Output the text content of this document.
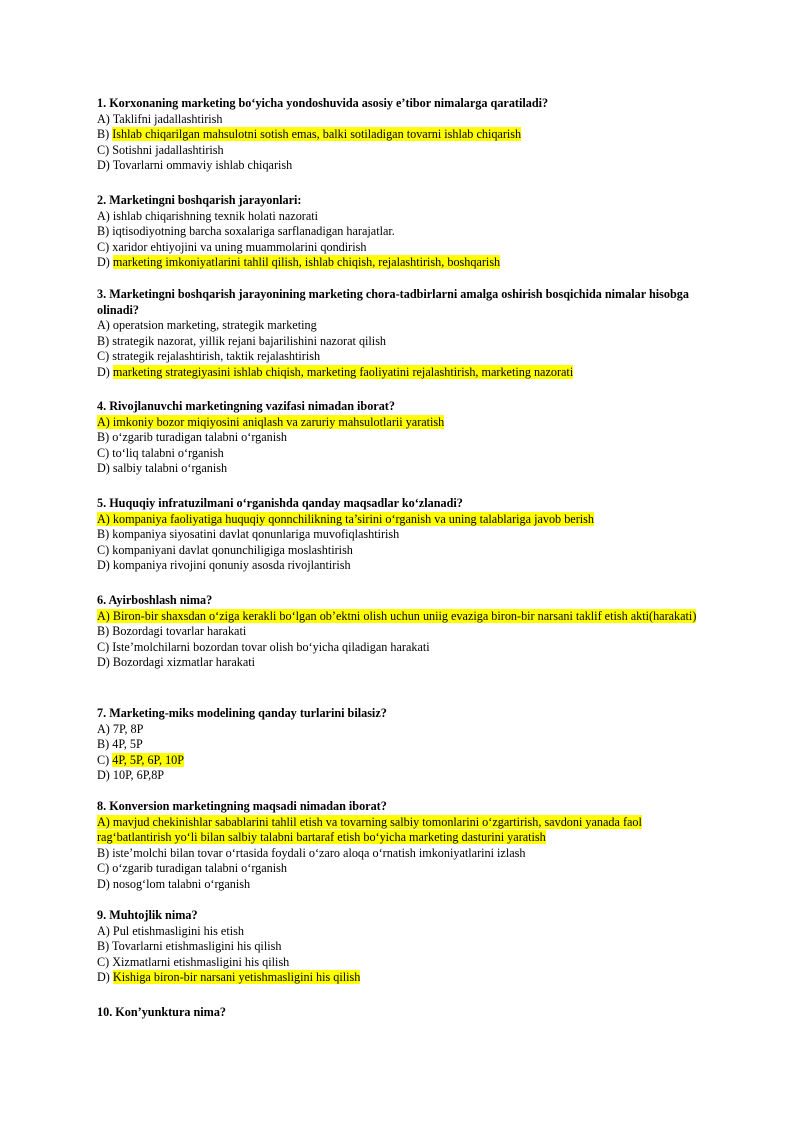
1. Korxonaning marketing bo‘yicha yondoshuvida asosiy e’tibor nimalarga qaratiladi?
A) Taklifni jadallashtirish
B) Ishlab chiqarilgan mahsulotni sotish emas, balki sotiladigan tovarni ishlab chiqarish
C) Sotishni jadallashtirish
D) Tovarlarni ommaviy ishlab chiqarish
2. Marketingni boshqarish jarayonlari:
A) ishlab chiqarishning texnik holati nazorati
B) iqtisodiyotning barcha soxalariga sarflanadigan harajatlar.
C) xaridor ehtiyojini va uning muammolarini qondirish
D) marketing imkoniyatlarini tahlil qilish, ishlab chiqish, rejalashtirish, boshqarish
3. Marketingni boshqarish jarayonining marketing chora-tadbirlarni amalga oshirish bosqichida nimalar hisobga olinadi?
A) operatsion marketing, strategik marketing
B) strategik nazorat, yillik rejani bajarilishini nazorat qilish
C) strategik rejalashtirish, taktik rejalashtirish
D) marketing strategiyasini ishlab chiqish, marketing faoliyatini rejalashtirish, marketing nazorati
4. Rivojlanuvchi marketingning vazifasi nimadan iborat?
A) imkoniy bozor miqiyosini aniqlash va zaruriy mahsulotlarii yaratish
B) o‘zgarib turadigan talabni o‘rganish
C) to‘liq talabni o‘rganish
D) salbiy talabni o‘rganish
5. Huquqiy infratuzilmani o‘rganishda qanday maqsadlar ko‘zlanadi?
A) kompaniya faoliyatiga huquqiy qonnchilikning ta’sirini o‘rganish va uning talablariga javob berish
B) kompaniya siyosatini davlat qonunlariga muvofiqlashtirish
C) kompaniyani davlat qonunchiligiga moslashtirish
D) kompaniya rivojini qonuniy asosda rivojlantirish
6. Ayirboshlash nima?
A) Biron-bir shaxsdan o‘ziga kerakli bo‘lgan ob’ektni olish uchun uniig evaziga biron-bir narsani taklif etish akti(harakati)
B) Bozordagi tovarlar harakati
C) Iste’molchilarni bozordan tovar olish bo‘yicha qiladigan harakati
D) Bozordagi xizmatlar harakati
7. Marketing-miks modelining qanday turlarini bilasiz?
A) 7P, 8P
B) 4P, 5P
C) 4P, 5P, 6P, 10P
D) 10P, 6P,8P
8. Konversion marketingning maqsadi nimadan iborat?
A) mavjud chekinishlar sabablarini tahlil etish va tovarning salbiy tomonlarini o‘zgartirish, savdoni yanada faol rag‘batlantirish yo‘li bilan salbiy talabni bartaraf etish bo‘yicha marketing dasturini yaratish
B) iste’molchi bilan tovar o‘rtasida foydali o‘zaro aloqa o‘rnatish imkoniyatlarini izlash
C) o‘zgarib turadigan talabni o‘rganish
D) nosog‘lom talabni o‘rganish
9. Muhtojlik nima?
A) Pul etishmasligini his etish
B) Tovarlarni etishmasligini his qilish
C) Xizmatlarni etishmasligini his qilish
D) Kishiga biron-bir narsani yetishmasligini his qilish
10. Kon’yunktura nima?
